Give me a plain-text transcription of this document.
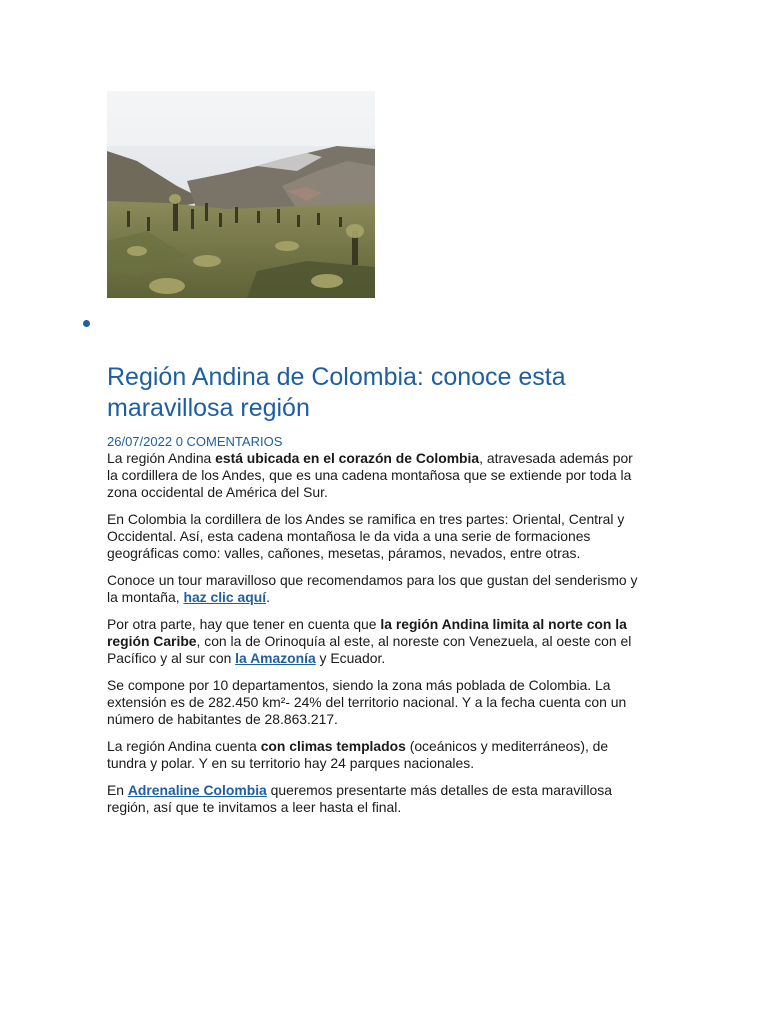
Región Andina de Colombia: conoce esta maravillosa región
26/07/2022 0 COMENTARIOS

La región Andina está ubicada en el corazón de Colombia, atravesada además por la cordillera de los Andes, que es una cadena montañosa que se extiende por toda la zona occidental de América del Sur.

En Colombia la cordillera de los Andes se ramifica en tres partes: Oriental, Central y Occidental. Así, esta cadena montañosa le da vida a una serie de formaciones geográficas como: valles, cañones, mesetas, páramos, nevados, entre otras.

Conoce un tour maravilloso que recomendamos para los que gustan del senderismo y la montaña, haz clic aquí.

Por otra parte, hay que tener en cuenta que la región Andina limita al norte con la región Caribe, con la de Orinoquía al este, al noreste con Venezuela, al oeste con el Pacífico y al sur con la Amazonía y Ecuador.

Se compone por 10 departamentos, siendo la zona más poblada de Colombia. La extensión es de 282.450 km²- 24% del territorio nacional. Y a la fecha cuenta con un número de habitantes de 28.863.217.

La región Andina cuenta con climas templados (oceánicos y mediterráneos), de tundra y polar. Y en su territorio hay 24 parques nacionales.

En Adrenaline Colombia queremos presentarte más detalles de esta maravillosa región, así que te invitamos a leer hasta el final.
